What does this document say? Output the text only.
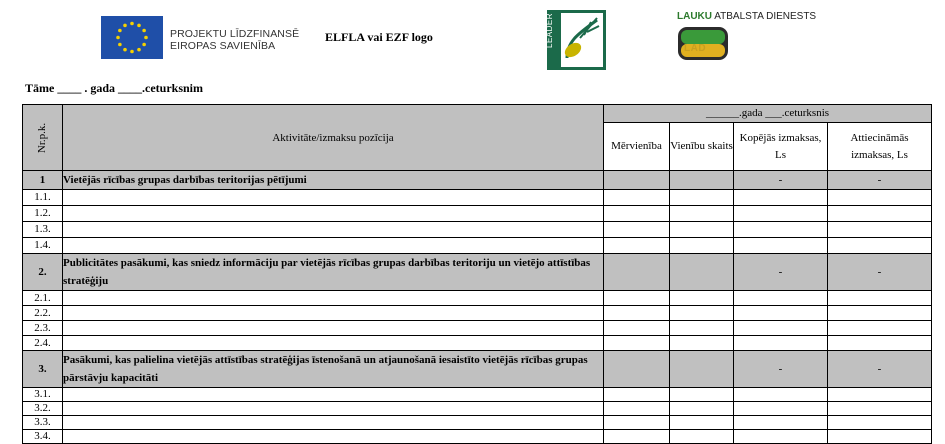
PROJEKTU LĪDZFINANSĒ
EIROPAS SAVIENĪBA
ELFLA vai EZF logo	LEADER	LAUKU ATBALSTA DIENESTS
LAD
Tāme ____ . gada ____.ceturksnim
Nr.p.k.	Aktivitāte/izmaksu pozīcija	______.gada ___.ceturksnis			
		Mērvienība	Vienību skaits	Kopējās izmaksas, Ls	Attiecināmās izmaksas, Ls
1	Vietējās rīcības grupas darbības teritorijas pētījumi			-	-
1.1.					
1.2.					
1.3.					
1.4.					
2.	Publicitātes pasākumi, kas sniedz informāciju par vietējās rīcības grupas darbības teritoriju un vietējo attīstības stratēģiju			-	-
2.1.					
2.2.					
2.3.					
2.4.					
3.	Pasākumi, kas palielina vietējās attīstības stratēģijas īstenošanā un atjaunošanā iesaistīto vietējās rīcības grupas pārstāvju kapacitāti			-	-
3.1.					
3.2.					
3.3.					
3.4.					
